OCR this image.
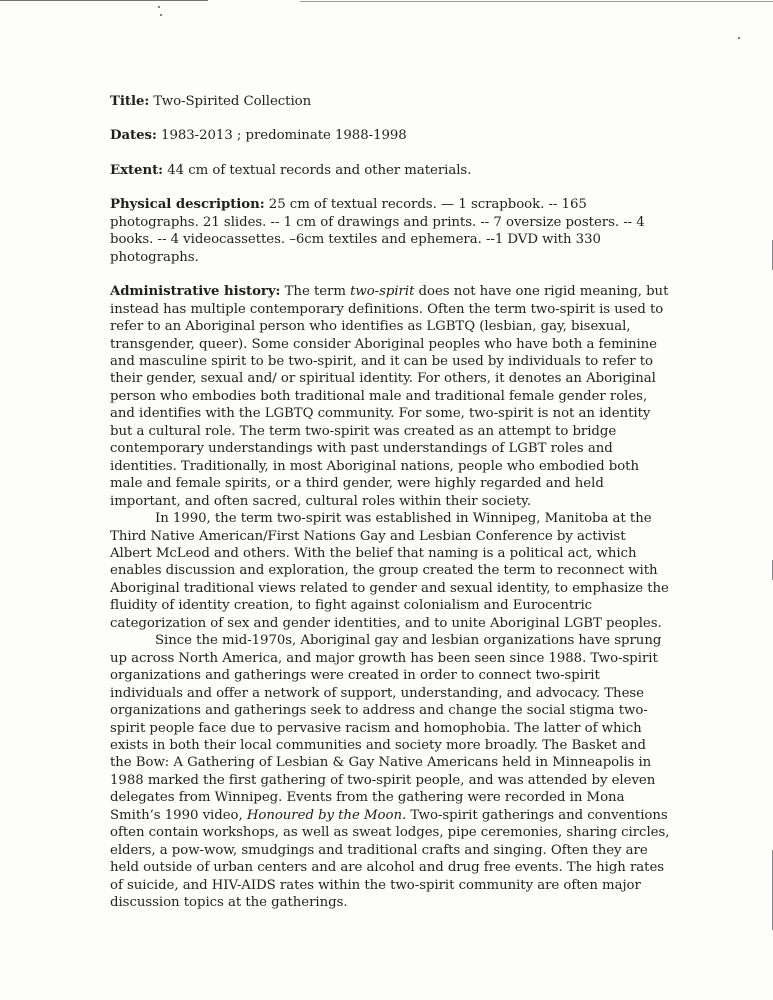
Title: Two-Spirited Collection

Dates: 1983-2013 ; predominate 1988-1998

Extent: 44 cm of textual records and other materials.

Physical description: 25 cm of textual records. — 1 scrapbook. -- 165 photographs. 21 slides. -- 1 cm of drawings and prints. -- 7 oversize posters. -- 4 books. -- 4 videocassettes. –6cm textiles and ephemera. --1 DVD with 330 photographs.

Administrative history: The term two-spirit does not have one rigid meaning, but instead has multiple contemporary definitions. Often the term two-spirit is used to refer to an Aboriginal person who identifies as LGBTQ (lesbian, gay, bisexual, transgender, queer). Some consider Aboriginal peoples who have both a feminine and masculine spirit to be two-spirit, and it can be used by individuals to refer to their gender, sexual and/ or spiritual identity. For others, it denotes an Aboriginal person who embodies both traditional male and traditional female gender roles, and identifies with the LGBTQ community. For some, two-spirit is not an identity but a cultural role. The term two-spirit was created as an attempt to bridge contemporary understandings with past understandings of LGBT roles and identities. Traditionally, in most Aboriginal nations, people who embodied both male and female spirits, or a third gender, were highly regarded and held important, and often sacred, cultural roles within their society.

In 1990, the term two-spirit was established in Winnipeg, Manitoba at the Third Native American/First Nations Gay and Lesbian Conference by activist Albert McLeod and others. With the belief that naming is a political act, which enables discussion and exploration, the group created the term to reconnect with Aboriginal traditional views related to gender and sexual identity, to emphasize the fluidity of identity creation, to fight against colonialism and Eurocentric categorization of sex and gender identities, and to unite Aboriginal LGBT peoples.

Since the mid-1970s, Aboriginal gay and lesbian organizations have sprung up across North America, and major growth has been seen since 1988. Two-spirit organizations and gatherings were created in order to connect two-spirit individuals and offer a network of support, understanding, and advocacy. These organizations and gatherings seek to address and change the social stigma two-spirit people face due to pervasive racism and homophobia. The latter of which exists in both their local communities and society more broadly. The Basket and the Bow: A Gathering of Lesbian & Gay Native Americans held in Minneapolis in 1988 marked the first gathering of two-spirit people, and was attended by eleven delegates from Winnipeg. Events from the gathering were recorded in Mona Smith’s 1990 video, Honoured by the Moon. Two-spirit gatherings and conventions often contain workshops, as well as sweat lodges, pipe ceremonies, sharing circles, elders, a pow-wow, smudgings and traditional crafts and singing. Often they are held outside of urban centers and are alcohol and drug free events. The high rates of suicide, and HIV-AIDS rates within the two-spirit community are often major discussion topics at the gatherings.
